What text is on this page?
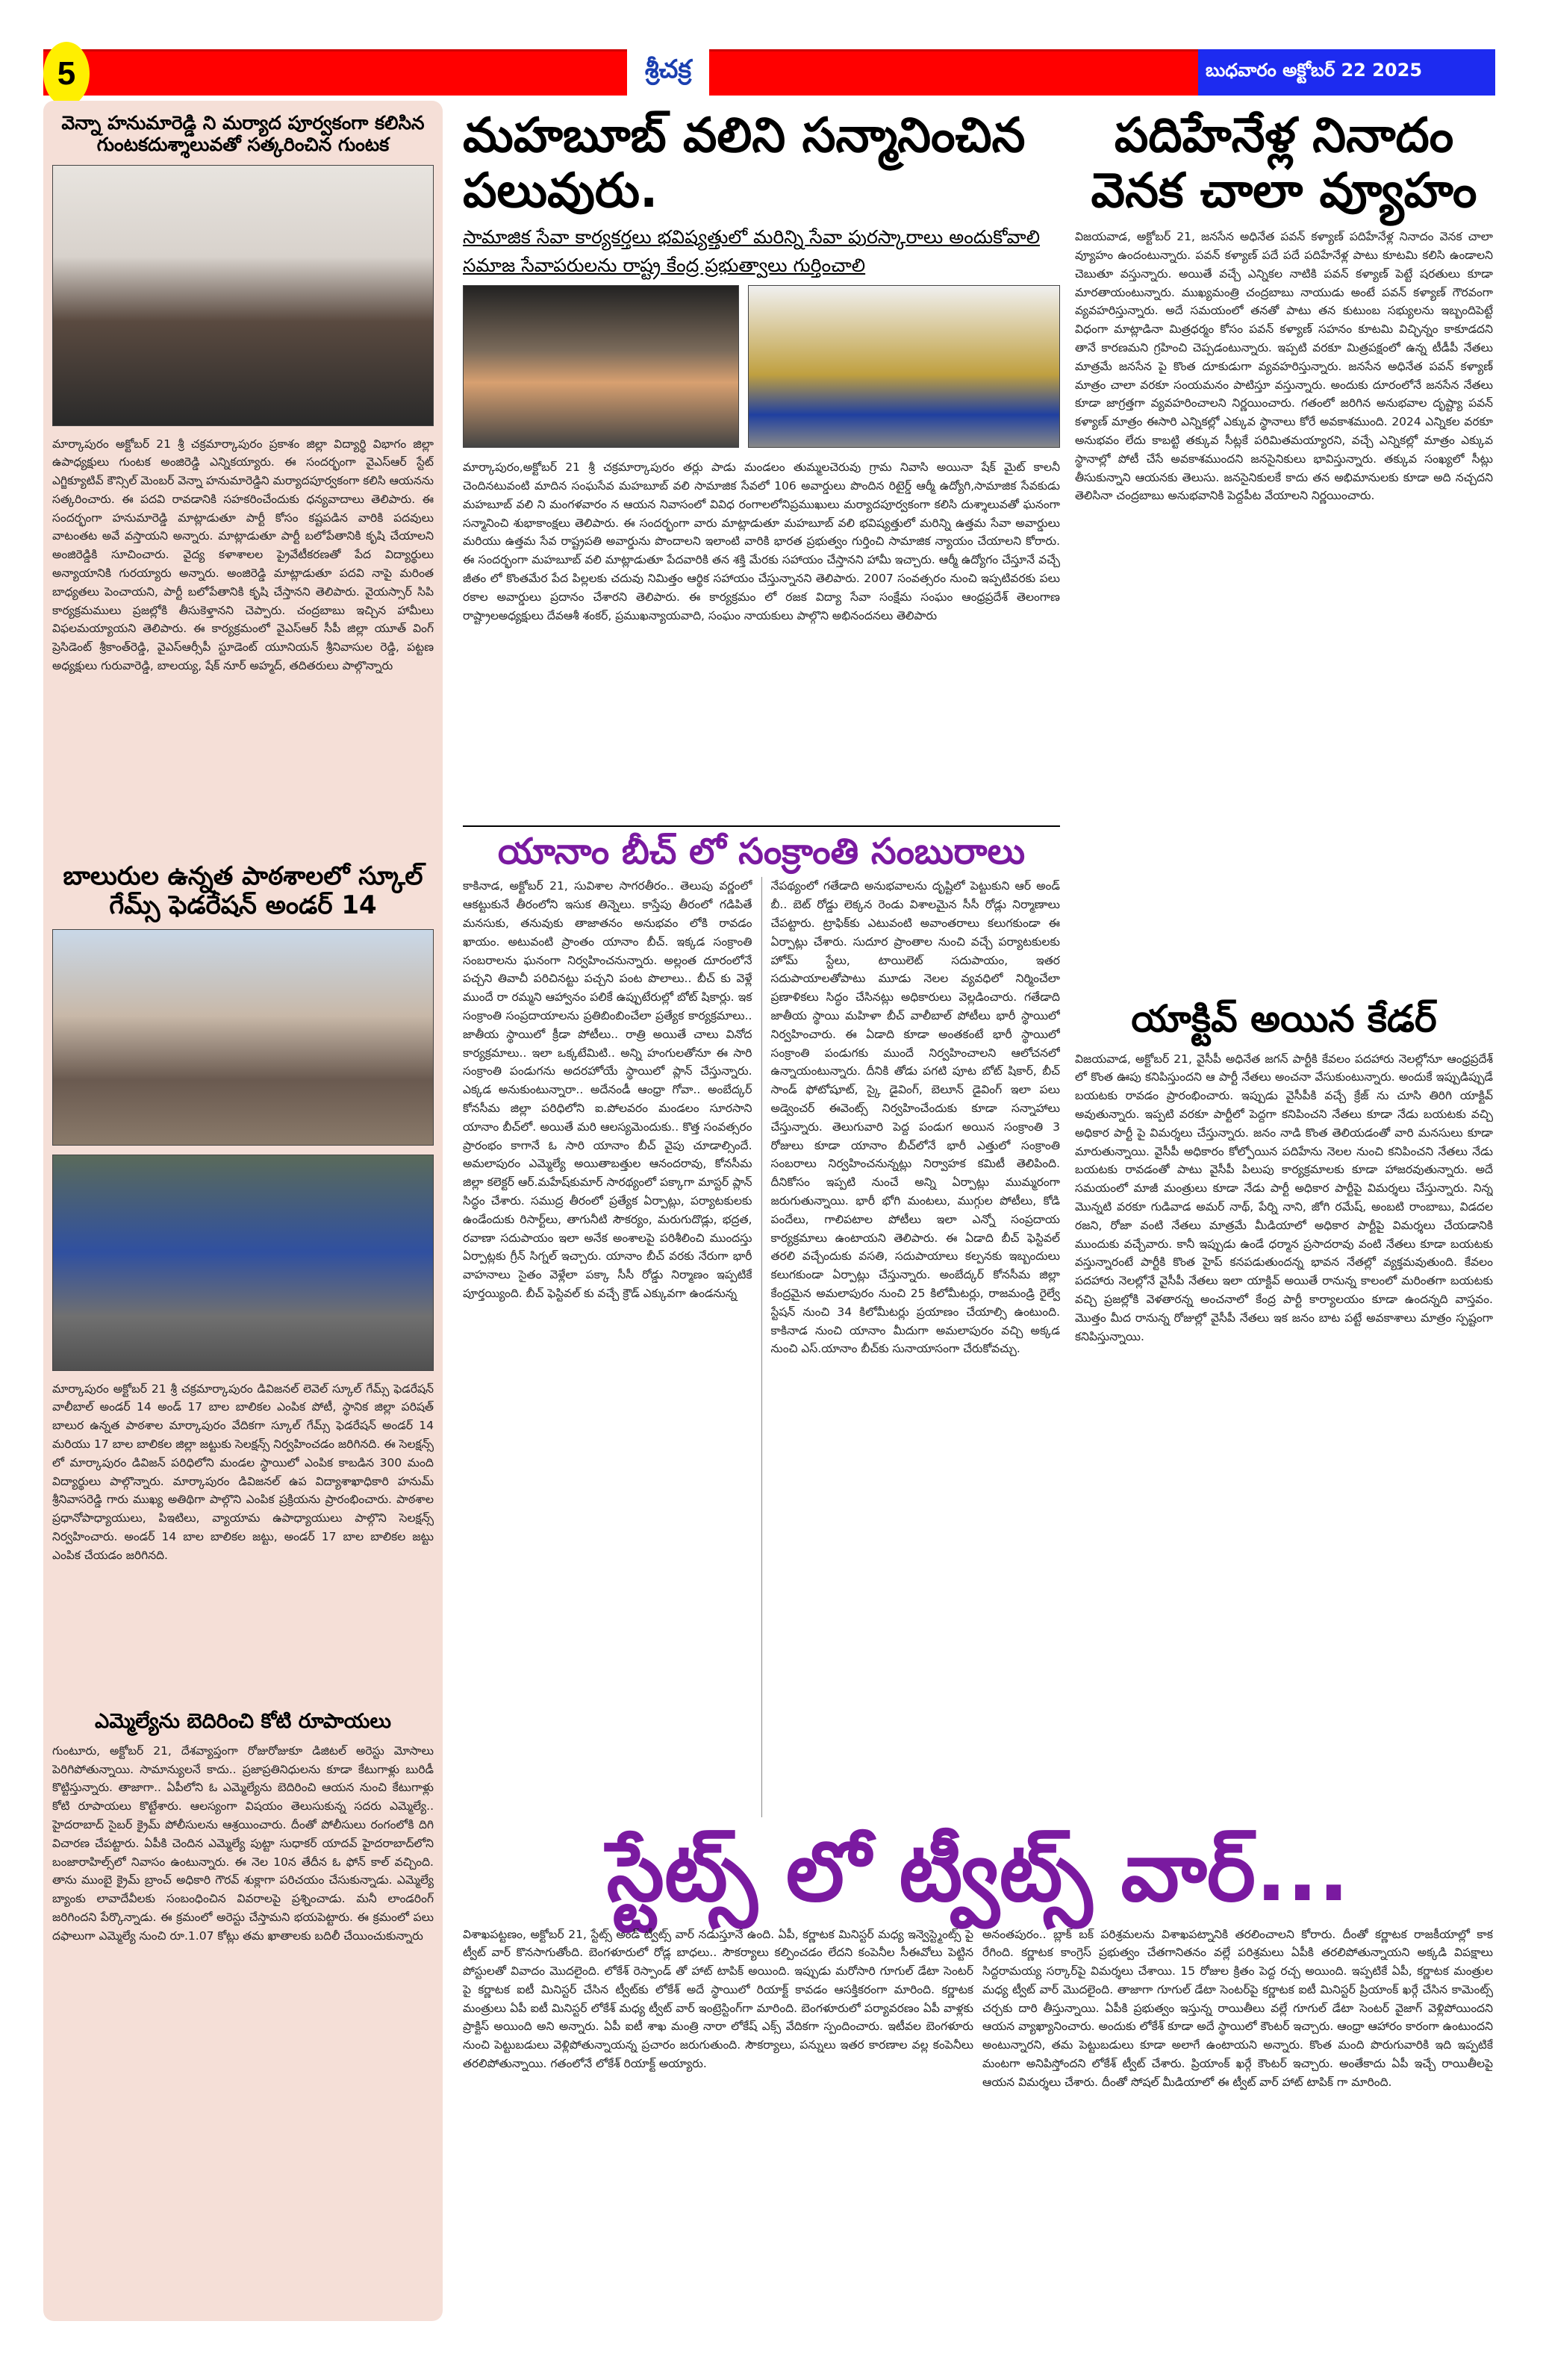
5	శ్రీచక్ర	బుధవారం అక్టోబర్ 22 2025
వెన్నా హనుమారెడ్డి ని మర్యాద పూర్వకంగా కలిసిన గుంటకదుశ్శాలువతో సత్కరించిన గుంటక
మార్కాపురం అక్టోబర్ 21 శ్రీ చక్రమార్కాపురం ప్రకాశం జిల్లా విద్యార్థి విభాగం జిల్లా ఉపాధ్యక్షులు గుంటక అంజిరెడ్డి ఎన్నికయ్యారు. ఈ సందర్భంగా వైఎస్ఆర్ స్టేట్ ఎగ్జిక్యూటివ్ కౌన్సిల్ మెంబర్ వెన్నా హనుమారెడ్డిని మర్యాదపూర్వకంగా కలిసి ఆయనను సత్కరించారు. ఈ పదవి రావడానికి సహకరించేందుకు ధన్యవాదాలు తెలిపారు. ఈ సందర్భంగా హనుమారెడ్డి మాట్లాడుతూ పార్టీ కోసం కష్టపడిన వారికి పదవులు వాటంతట అవే వస్తాయని అన్నారు. మాట్లాడుతూ పార్టీ బలోపేతానికి కృషి చేయాలని అంజిరెడ్డికి సూచించారు. వైద్య కళాశాలల ప్రైవేటీకరణతో పేద విద్యార్థులు అన్యాయానికి గురయ్యారు అన్నారు. అంజిరెడ్డి మాట్లాడుతూ పదవి నాపై మరింత బాధ్యతలు పెంచాయని, పార్టీ బలోపేతానికి కృషి చేస్తానని తెలిపారు. వైయస్సార్ సిపి కార్యక్రమములు ప్రజల్లోకి తీసుకెళ్తానని చెప్పారు. చంద్రబాబు ఇచ్చిన హామీలు విఫలమయ్యాయని తెలిపారు. ఈ కార్యక్రమంలో వైఎస్ఆర్ సీపీ జిల్లా యూత్ వింగ్ ప్రెసిడెంట్ శ్రీకాంత్‌రెడ్డి, వైఎస్ఆర్సీపీ స్టూడెంట్ యూనియన్ శ్రీనివాసుల రెడ్డి, పట్టణ అధ్యక్షులు గురువారెడ్డి, బాలయ్య, షేక్ నూర్ అహ్మద్, తదితరులు పాల్గొన్నారు
బాలురుల ఉన్నత పాఠశాలలో స్కూల్ గేమ్స్ ఫెడరేషన్ అండర్ 14
మార్కాపురం అక్టోబర్ 21 శ్రీ చక్రమార్కాపురం డివిజనల్ లెవెల్ స్కూల్ గేమ్స్ ఫెడరేషన్ వాలీబాల్ అండర్ 14 అండ్ 17 బాల బాలికల ఎంపిక పోటీ, స్థానిక జిల్లా పరిషత్ బాలుర ఉన్నత పాఠశాల మార్కాపురం వేదికగా స్కూల్ గేమ్స్ ఫెడరేషన్ అండర్ 14 మరియు 17 బాల బాలికల జిల్లా జట్టుకు సెలక్షన్స్ నిర్వహించడం జరిగినది. ఈ సెలక్షన్స్ లో మార్కాపురం డివిజన్ పరిధిలోని మండల స్థాయిలో ఎంపిక కాబడిన 300 మంది విద్యార్థులు పాల్గొన్నారు. మార్కాపురం డివిజనల్ ఉప విద్యాశాఖాధికారి హనుమ్ శ్రీనివాసరెడ్డి గారు ముఖ్య అతిథిగా పాల్గొని ఎంపిక ప్రక్రియను ప్రారంభించారు. పాఠశాల ప్రధానోపాధ్యాయులు, పిఇటిలు, వ్యాయామ ఉపాధ్యాయులు పాల్గొని సెలక్షన్స్ నిర్వహించారు. అండర్ 14 బాల బాలికల జట్టు, అండర్ 17 బాల బాలికల జట్టు ఎంపిక చేయడం జరిగినది.
ఎమ్మెల్యేను బెదిరించి కోటి రూపాయలు
గుంటూరు, అక్టోబర్ 21, దేశవ్యాప్తంగా రోజురోజుకూ డిజిటల్ అరెస్టు మోసాలు పెరిగిపోతున్నాయి. సామాన్యులనే కాదు.. ప్రజాప్రతినిధులను కూడా కేటుగాళ్లు బురిడీ కొట్టిస్తున్నారు. తాజాగా.. ఏపీలోని ఓ ఎమ్మెల్యేను బెదిరించి ఆయన నుంచి కేటుగాళ్లు కోటి రూపాయలు కొట్టేశారు. ఆలస్యంగా విషయం తెలుసుకున్న సదరు ఎమ్మెల్యే.. హైదరాబాద్ సైబర్ క్రైమ్ పోలీసులను ఆశ్రయించారు. దీంతో పోలీసులు రంగంలోకి దిగి విచారణ చేపట్టారు. ఏపీకి చెందిన ఎమ్మెల్యే పుట్టా సుధాకర్ యాదవ్ హైదరాబాద్‌లోని బంజారాహిల్స్‌లో నివాసం ఉంటున్నారు. ఈ నెల 10న తేదీన ఓ ఫోన్ కాల్ వచ్చింది. తాను ముంబై క్రైమ్ బ్రాంచ్ అధికారి గౌరవ్ శుక్లాగా పరిచయం చేసుకున్నాడు. ఎమ్మెల్యే బ్యాంకు లావాదేవీలకు సంబంధించిన వివరాలపై ప్రశ్నించాడు. మనీ లాండరింగ్ జరిగిందని పేర్కొన్నాడు. ఈ క్రమంలో అరెస్టు చేస్తామని భయపెట్టారు. ఈ క్రమంలో పలు దఫాలుగా ఎమ్మెల్యే నుంచి రూ.1.07 కోట్లు తమ ఖాతాలకు బదిలీ చేయించుకున్నారు
మహబూబ్ వలిని సన్మానించిన పలువురు.
సామాజిక సేవా కార్యకర్తలు భవిష్యత్తులో మరిన్ని సేవా పురస్కారాలు అందుకోవాలి
సమాజ సేవాపరులను రాష్ట్ర కేంద్ర ప్రభుత్వాలు గుర్తించాలి
మార్కాపురం,అక్టోబర్ 21 శ్రీ చక్రమార్కాపురం తర్లు పాడు మండలం తుమ్మలచెరువు గ్రామ నివాసి అయినా షేక్ మైట్ కాలనీ చెందినటువంటి మాదిన సంఘసేవ మహబూబ్ వలి సామాజిక సేవలో 106 అవార్డులు పొందిన రిటైర్డ్ ఆర్మీ ఉద్యోగి,సామాజిక సేవకుడు మహబూబ్ వలి ని మంగళవారం న ఆయన నివాసంలో వివిధ రంగాలలోనిప్రముఖులు మర్యాదపూర్వకంగా కలిసి దుశ్శాలువతో ఘనంగా సన్మానించి శుభాకాంక్షలు తెలిపారు. ఈ సందర్భంగా వారు మాట్లాడుతూ మహబూబ్ వలి భవిష్యత్తులో మరిన్ని ఉత్తమ సేవా అవార్డులు మరియు ఉత్తమ సేవ రాష్ట్రపతి అవార్డును పొందాలని ఇలాంటి వారికి భారత ప్రభుత్వం గుర్తించి సామాజిక న్యాయం చేయాలని కోరారు. ఈ సందర్భంగా మహబూబ్ వలి మాట్లాడుతూ పేదవారికి తన శక్తి మేరకు సహాయం చేస్తానని హామీ ఇచ్చారు. ఆర్మీ ఉద్యోగం చేస్తూనే వచ్చే జీతం లో కొంతమేర పేద పిల్లలకు చదువు నిమిత్తం ఆర్థిక సహాయం చేస్తున్నానని తెలిపారు. 2007 సంవత్సరం నుంచి ఇప్పటివరకు పలు రకాల అవార్డులు ప్రదానం చేశారని తెలిపారు. ఈ కార్యక్రమం లో రజక విద్యా సేవా సంక్షేమ సంఘం ఆంధ్రప్రదేశ్ తెలంగాణ రాష్ట్రాలఅధ్యక్షులు దేవఆశీ శంకర్, ప్రముఖన్యాయవాది, సంఘం నాయకులు పాల్గొని అభినందనలు తెలిపారు
యానాం బీచ్ లో సంక్రాంతి సంబురాలు
కాకినాడ, అక్టోబర్ 21, సువిశాల సాగరతీరం.. తెలుపు వర్ణంలో ఆకట్టుకునే తీరంలోని ఇసుక తిన్నెలు. కాస్తేపు తీరంలో గడిపితే మనసుకు, తనువుకు తాజాతనం అనుభవం లోకి రావడం ఖాయం. అటువంటి ప్రాంతం యానాం బీచ్. ఇక్కడ సంక్రాంతి సంబరాలను ఘనంగా నిర్వహించనున్నారు. అల్లంత దూరంలోనే పచ్చని తివాచీ పరిచినట్టు పచ్చని పంట పొలాలు.. బీచ్ కు వెళ్లే ముందే రా రమ్మని ఆహ్వానం పలికే ఉప్పుటేరుల్లో బోట్ షికార్లు. ఇక సంక్రాంతి సంప్రదాయాలను ప్రతిబింబించేలా ప్రత్యేక కార్యక్రమాలు.. జాతీయ స్థాయిలో క్రీడా పోటీలు.. రాత్రి అయితే చాలు వినోద కార్యక్రమాలు.. ఇలా ఒక్కటేమిటి.. అన్ని హంగులతోనూ ఈ సారి సంక్రాంతి పండుగను అదరహోయే స్థాయిలో ప్లాన్ చేస్తున్నారు. ఎక్కడ అనుకుంటున్నారా.. అదేనండీ ఆంధ్రా గోవా.. అంబేద్కర్ కోనసీమ జిల్లా పరిధిలోని ఐ.పోలవరం మండలం సూరసాని యానాం బీచ్‌లో. అయితే మరి ఆలస్యమెందుకు.. కొత్త సంవత్సరం ప్రారంభం కాగానే ఓ సారి యానాం బీచ్ వైపు చూడాల్సిందే. అమలాపురం ఎమ్మెల్యే అయితాబత్తుల ఆనందరావు, కోనసీమ జిల్లా కలెక్టర్ ఆర్.మహేష్‌కుమార్ సారథ్యంలో పక్కాగా మాస్టర్ ప్లాన్ సిద్ధం చేశారు. సముద్ర తీరంలో ప్రత్యేక ఏర్పాట్లు, పర్యాటకులకు ఉండేందుకు రిసార్ట్‌లు, తాగునీటి సౌకర్యం, మరుగుదొడ్లు, భద్రత, రవాణా సదుపాయం ఇలా అనేక అంశాలపై పరిశీలించి ముందస్తు ఏర్పాట్లకు గ్రీన్ సిగ్నల్ ఇచ్చారు. యానాం బీచ్ వరకు నేరుగా భారీ వాహనాలు సైతం వెళ్లేలా పక్కా సీసీ రోడ్డు నిర్మాణం ఇప్పటికే పూర్తయ్యింది. బీచ్ ఫెస్టివల్ కు వచ్చే క్రౌడ్ ఎక్కువగా ఉండనున్న
నేపథ్యంలో గతేడాది అనుభవాలను దృష్టిలో పెట్టుకుని ఆర్ అండ్ బీ.. బెట్ రోడ్డు లెక్కన రెండు విశాలమైన సీసీ రోడ్లు నిర్మాణాలు చేపట్టారు. ట్రాఫిక్‌కు ఎటువంటి అవాంతరాలు కలుగకుండా ఈ ఏర్పాట్లు చేశారు. సుదూర ప్రాంతాల నుంచి వచ్చే పర్యాటకులకు హోమ్ స్టేలు, టాయిలెట్ సదుపాయం, ఇతర సదుపాయాలతోపాటు మూడు నెలల వ్యవధిలో నిర్మించేలా ప్రణాళికలు సిద్ధం చేసినట్లు అధికారులు వెల్లడించారు. గతేడాది జాతీయ స్థాయి మహిళా బీచ్ వాలీబాల్ పోటీలు భారీ స్థాయిలో నిర్వహించారు. ఈ ఏడాది కూడా అంతకంటే భారీ స్థాయిలో సంక్రాంతి పండుగకు ముందే నిర్వహించాలని ఆలోచనలో ఉన్నాయంటున్నారు. దీనికి తోడు పగటి పూట బోట్ షికార్, బీచ్ సాండ్ ఫోటోషూట్, స్కై డైవింగ్, బెలూన్ డైవింగ్ ఇలా పలు అడ్వెంచర్ ఈవెంట్స్ నిర్వహించేందుకు కూడా సన్నాహాలు చేస్తున్నారు. తెలుగువారి పెద్ద పండుగ అయిన సంక్రాంతి 3 రోజులు కూడా యానాం బీచ్‌లోనే భారీ ఎత్తులో సంక్రాంతి సంబరాలు నిర్వహించనున్నట్లు నిర్వాహక కమిటీ తెలిపింది. దీనికోసం ఇప్పటి నుంచే అన్ని ఏర్పాట్లు ముమ్మరంగా జరుగుతున్నాయి. భారీ భోగి మంటలు, ముగ్గుల పోటీలు, కోడి పందేలు, గాలిపటాల పోటీలు ఇలా ఎన్నో సంప్రదాయ కార్యక్రమాలు ఉంటాయని తెలిపారు. ఈ ఏడాది బీచ్ ఫెస్టివల్ తరలి వచ్చేందుకు వసతి, సదుపాయాలు కల్పనకు ఇబ్బందులు కలుగకుండా ఏర్పాట్లు చేస్తున్నారు. అంబేద్కర్ కోనసీమ జిల్లా కేంద్రమైన అమలాపురం నుంచి 25 కిలోమీటర్లు, రాజమండ్రి రైల్వే స్టేషన్ నుంచి 34 కిలోమీటర్లు ప్రయాణం చేయాల్సి ఉంటుంది. కాకినాడ నుంచి యానాం మీదుగా అమలాపురం వచ్చి అక్కడ నుంచి ఎస్.యానాం బీచ్‌కు సునాయాసంగా చేరుకోవచ్చు.
పదిహేనేళ్ల నినాదం వెనక చాలా వ్యూహం
విజయవాడ, అక్టోబర్ 21, జనసేన అధినేత పవన్ కళ్యాణ్ పదిహేనేళ్ల నినాదం వెనక చాలా వ్యూహం ఉందంటున్నారు. పవన్ కళ్యాణ్ పదే పదే పదిహేనేళ్ల పాటు కూటమి కలిసి ఉండాలని చెబుతూ వస్తున్నారు. అయితే వచ్చే ఎన్నికల నాటికి పవన్ కళ్యాణ్ పెట్టే షరతులు కూడా మారతాయంటున్నారు. ముఖ్యమంత్రి చంద్రబాబు నాయుడు అంటే పవన్ కళ్యాణ్ గౌరవంగా వ్యవహరిస్తున్నారు. అదే సమయంలో తనతో పాటు తన కుటుంబ సభ్యులను ఇబ్బందిపెట్టే విధంగా మాట్లాడినా మిత్రధర్మం కోసం పవన్ కళ్యాణ్ సహనం కూటమి విచ్ఛిన్నం కాకూడదని తానే కారణమని గ్రహించి చెప్పడంటున్నారు. ఇప్పటి వరకూ మిత్రపక్షంలో ఉన్న టీడీపీ నేతలు మాత్రమే జనసేన పై కొంత దూకుడుగా వ్యవహరిస్తున్నారు. జనసేన అధినేత పవన్ కళ్యాణ్ మాత్రం చాలా వరకూ సంయమనం పాటిస్తూ వస్తున్నారు. అందుకు దూరంలోనే జనసేన నేతలు కూడా జాగ్రత్తగా వ్యవహరించాలని నిర్ణయించారు. గతంలో జరిగిన అనుభవాల దృష్ట్యా పవన్ కళ్యాణ్ మాత్రం ఈసారి ఎన్నికల్లో ఎక్కువ స్థానాలు కోరే అవకాశముంది. 2024 ఎన్నికల వరకూ అనుభవం లేదు కాబట్టి తక్కువ సీట్లకే పరిమితమయ్యారని, వచ్చే ఎన్నికల్లో మాత్రం ఎక్కువ స్థానాల్లో పోటీ చేసే అవకాశముందని జనసైనికులు భావిస్తున్నారు. తక్కువ సంఖ్యలో సీట్లు తీసుకున్నాని ఆయనకు తెలుసు. జనసైనికులకే కాదు తన అభిమానులకు కూడా అది నచ్చదని తెలిసినా చంద్రబాబు అనుభవానికి పెద్దపీట వేయాలని నిర్ణయించారు.
యాక్టివ్ అయిన కేడర్
విజయవాడ, అక్టోబర్ 21, వైసీపీ అధినేత జగన్ పార్టీకి కేవలం పదహారు నెలల్లోనూ ఆంధ్రప్రదేశ్ లో కొంత ఊపు కనిపిస్తుందని ఆ పార్టీ నేతలు అంచనా వేసుకుంటున్నారు. అందుకే ఇప్పుడిప్పుడే బయటకు రావడం ప్రారంభించారు. ఇప్పుడు వైసీపీకి వచ్చే క్రేజ్ ను చూసి తిరిగి యాక్టివ్ అవుతున్నారు. ఇప్పటి వరకూ పార్టీలో పెద్దగా కనిపించని నేతలు కూడా నేడు బయటకు వచ్చి అధికార పార్టీ పై విమర్శలు చేస్తున్నారు. జనం నాడి కొంత తెలియడంతో వారి మనసులు కూడా మారుతున్నాయి. వైసీపీ అధికారం కోల్పోయిన పదిహేను నెలల నుంచి కనిపించని నేతలు నేడు బయటకు రావడంతో పాటు వైసీపీ పిలుపు కార్యక్రమాలకు కూడా హాజరవుతున్నారు. అదే సమయంలో మాజీ మంత్రులు కూడా నేడు పార్టీ అధికార పార్టీపై విమర్శలు చేస్తున్నారు. నిన్న మొన్నటి వరకూ గుడివాడ అమర్ నాథ్, పేర్ని నాని, జోగి రమేష్, అంబటి రాంబాబు, విడదల రజని, రోజా వంటి నేతలు మాత్రమే మీడియాలో అధికార పార్టీపై విమర్శలు చేయడానికి ముందుకు వచ్చేవారు. కానీ ఇప్పుడు ఉండే ధర్మాన ప్రసాదరావు వంటి నేతలు కూడా బయటకు వస్తున్నారంటే పార్టీకి కొంత హైప్ కనపడుతుందన్న భావన నేతల్లో వ్యక్తమవుతుంది. కేవలం పదహారు నెలల్లోనే వైసీపీ నేతలు ఇలా యాక్టివ్ అయితే రానున్న కాలంలో మరింతగా బయటకు వచ్చి ప్రజల్లోకి వెళతారన్న అంచనాలో కేంద్ర పార్టీ కార్యాలయం కూడా ఉందన్నది వాస్తవం. మొత్తం మీద రానున్న రోజుల్లో వైసీపీ నేతలు ఇక జనం బాట పట్టే అవకాశాలు మాత్రం స్పష్టంగా కనిపిస్తున్నాయి.
స్టేట్స్ లో ట్వీట్స్ వార్...
విశాఖపట్టణం, అక్టోబర్ 21, స్టేట్స్ అండ్ ట్వీట్స్ వార్ నడుస్తూనే ఉంది. ఏపీ, కర్ణాటక మినిస్టర్ మధ్య ఇన్వెస్ట్మెంట్స్ పై ట్వీట్ వార్ కొనసాగుతోంది. బెంగళూరులో రోడ్ల బాధలు.. సౌకర్యాలు కల్పించడం లేదని కంపెనీల సీఈవోలు పెట్టిన పోస్టులతో వివాదం మొదలైంది. లోకేశ్ రెస్పాండ్ తో హాట్ టాపిక్ అయింది. ఇప్పుడు మరోసారి గూగుల్ డేటా సెంటర్ పై కర్ణాటక ఐటీ మినిస్టర్ చేసిన ట్వీట్‌కు లోకేశ్ అదే స్థాయిలో రియాక్ట్ కావడం ఆసక్తికరంగా మారింది. కర్ణాటక మంత్రులు ఏపీ ఐటీ మినిస్టర్ లోకేశ్ మధ్య ట్వీట్ వార్ ఇంట్రెస్టింగ్‌గా మారింది. బెంగళూరులో పర్యావరణం ఏపీ వాళ్లకు ప్రాక్టిస్ అయింది అని అన్నారు. ఏపీ ఐటీ శాఖ మంత్రి నారా లోకేష్ ఎక్స్ వేదికగా స్పందించారు. ఇటీవల బెంగళూరు నుంచి పెట్టుబడులు వెళ్లిపోతున్నాయన్న ప్రచారం జరుగుతుంది. సౌకర్యాలు, పన్నులు ఇతర కారణాల వల్ల కంపెనీలు తరలిపోతున్నాయి. గతంలోనే లోకేశ్ రియాక్ట్ అయ్యారు.
అనంతపురం.. బ్లాక్ బక్ పరిశ్రమలను విశాఖపట్నానికి తరలించాలని కోరారు. దీంతో కర్ణాటక రాజకీయాల్లో కాక రేగింది. కర్ణాటక కాంగ్రెస్ ప్రభుత్వం చేతగానితనం వల్లే పరిశ్రమలు ఏపీకి తరలిపోతున్నాయని అక్కడి విపక్షాలు సిద్దరామయ్య సర్కార్‌పై విమర్శలు చేశాయి. 15 రోజుల క్రితం పెద్ద రచ్చ అయింది. ఇప్పటికే ఏపీ, కర్ణాటక మంత్రుల మధ్య ట్వీట్ వార్ మొదలైంది. తాజాగా గూగుల్ డేటా సెంటర్‌పై కర్ణాటక ఐటీ మినిస్టర్ ప్రియాంక్ ఖర్గే చేసిన కామెంట్స్ చర్చకు దారి తీస్తున్నాయి. ఏపీకి ప్రభుత్వం ఇస్తున్న రాయితీలు వల్లే గూగుల్ డేటా సెంటర్ వైజాగ్ వెళ్లిపోయిందని ఆయన వ్యాఖ్యానించారు. అందుకు లోకేశ్ కూడా అదే స్థాయిలో కౌంటర్ ఇచ్చారు. ఆంధ్రా ఆహారం కారంగా ఉంటుందని అంటున్నారని, తమ పెట్టుబడులు కూడా అలాగే ఉంటాయని అన్నారు. కొంత మంది పొరుగువారికి ఇది ఇప్పటికే మంటగా అనిపిస్తోందని లోకేశ్ ట్వీట్ చేశారు. ప్రియాంక్ ఖర్గే కౌంటర్ ఇచ్చారు. అంతేకాదు ఏపీ ఇచ్చే రాయితీలపై ఆయన విమర్శలు చేశారు. దీంతో సోషల్ మీడియాలో ఈ ట్వీట్ వార్ హాట్ టాపిక్ గా మారింది.
